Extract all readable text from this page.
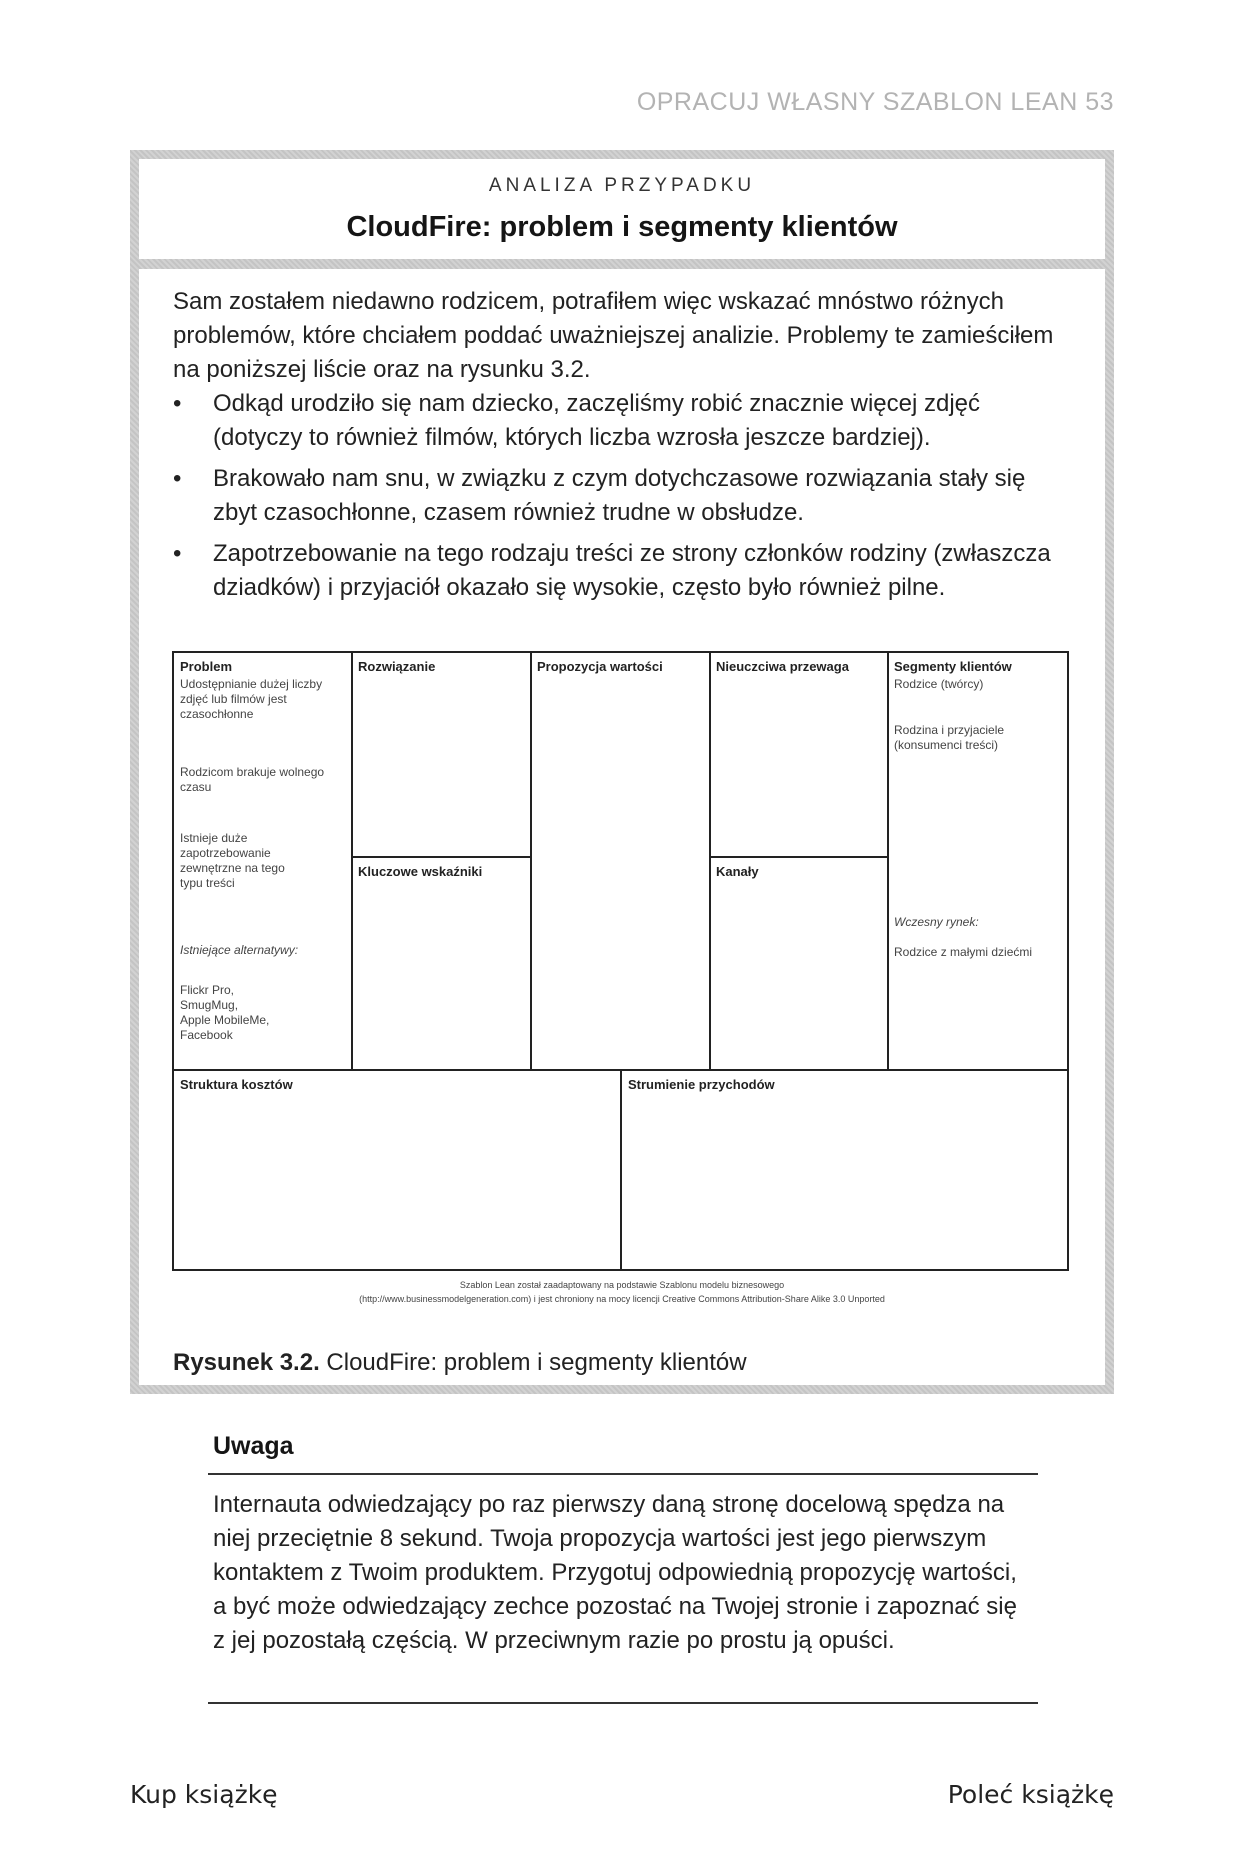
OPRACUJ WŁASNY SZABLON LEAN 53
ANALIZA PRZYPADKU
CloudFire: problem i segmenty klientów
Sam zostałem niedawno rodzicem, potrafiłem więc wskazać mnóstwo różnych problemów, które chciałem poddać uważniejszej analizie. Problemy te zamieściłem na poniższej liście oraz na rysunku 3.2.
• Odkąd urodziło się nam dziecko, zaczęliśmy robić znacznie więcej zdjęć (dotyczy to również filmów, których liczba wzrosła jeszcze bardziej).
• Brakowało nam snu, w związku z czym dotychczasowe rozwiązania stały się zbyt czasochłonne, czasem również trudne w obsłudze.
• Zapotrzebowanie na tego rodzaju treści ze strony członków rodziny (zwłaszcza dziadków) i przyjaciół okazało się wysokie, często było również pilne.
Problem
Udostępnianie dużej liczby zdjęć lub filmów jest czasochłonne
Rodzicom brakuje wolnego czasu
Istnieje duże zapotrzebowanie zewnętrzne na tego typu treści
Istniejące alternatywy:
Flickr Pro, SmugMug, Apple MobileMe, Facebook
Rozwiązanie
Kluczowe wskaźniki
Propozycja wartości	Nieuczciwa przewaga
Kanały
Segmenty klientów
Rodzice (twórcy)
Rodzina i przyjaciele (konsumenci treści)
Wczesny rynek:
Rodzice z małymi dziećmi
Struktura kosztów	Strumienie przychodów
Szablon Lean został zaadaptowany na podstawie Szablonu modelu biznesowego
(http://www.businessmodelgeneration.com) i jest chroniony na mocy licencji Creative Commons Attribution-Share Alike 3.0 Unported
Rysunek 3.2. CloudFire: problem i segmenty klientów
Uwaga
Internauta odwiedzający po raz pierwszy daną stronę docelową spędza na niej przeciętnie 8 sekund. Twoja propozycja wartości jest jego pierwszym kontaktem z Twoim produktem. Przygotuj odpowiednią propozycję wartości, a być może odwiedzający zechce pozostać na Twojej stronie i zapoznać się z jej pozostałą częścią. W przeciwnym razie po prostu ją opuści.
Kup książkę	Poleć książkę
